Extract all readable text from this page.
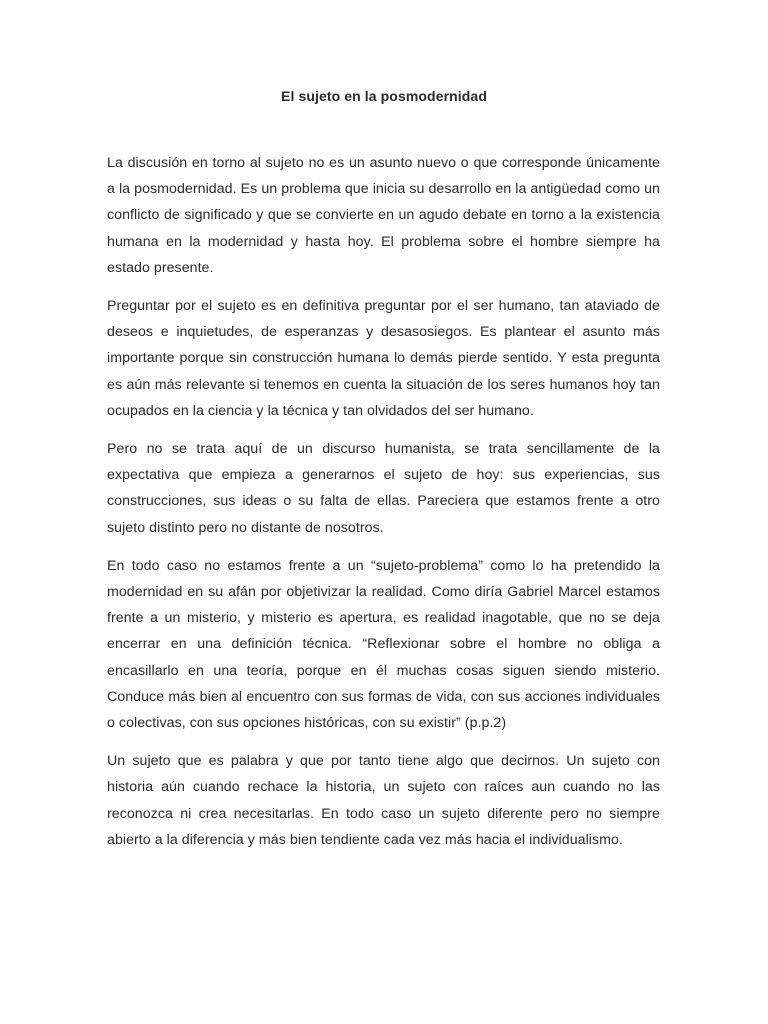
El sujeto en la posmodernidad

La discusión en torno al sujeto no es un asunto nuevo o que corresponde únicamente a la posmodernidad. Es un problema que inicia su desarrollo en la antigüedad como un conflicto de significado y que se convierte en un agudo debate en torno a la existencia humana en la modernidad y hasta hoy. El problema sobre el hombre siempre ha estado presente.

Preguntar por el sujeto es en definitiva preguntar por el ser humano, tan ataviado de deseos e inquietudes, de esperanzas y desasosiegos. Es plantear el asunto más importante porque sin construcción humana lo demás pierde sentido. Y esta pregunta es aún más relevante si tenemos en cuenta la situación de los seres humanos hoy tan ocupados en la ciencia y la técnica y tan olvidados del ser humano.

Pero no se trata aquí de un discurso humanista, se trata sencillamente de la expectativa que empieza a generarnos el sujeto de hoy: sus experiencias, sus construcciones, sus ideas o su falta de ellas. Pareciera que estamos frente a otro sujeto distinto pero no distante de nosotros.

En todo caso no estamos frente a un “sujeto-problema” como lo ha pretendido la modernidad en su afán por objetivizar la realidad. Como diría Gabriel Marcel estamos frente a un misterio, y misterio es apertura, es realidad inagotable, que no se deja encerrar en una definición técnica. “Reflexionar sobre el hombre no obliga a encasillarlo en una teoría, porque en él muchas cosas siguen siendo misterio. Conduce más bien al encuentro con sus formas de vida, con sus acciones individuales o colectivas, con sus opciones históricas, con su existir” (p.p.2)

Un sujeto que es palabra y que por tanto tiene algo que decirnos. Un sujeto con historia aún cuando rechace la historia, un sujeto con raíces aun cuando no las reconozca ni crea necesitarlas. En todo caso un sujeto diferente pero no siempre abierto a la diferencia y más bien tendiente cada vez más hacia el individualismo.
